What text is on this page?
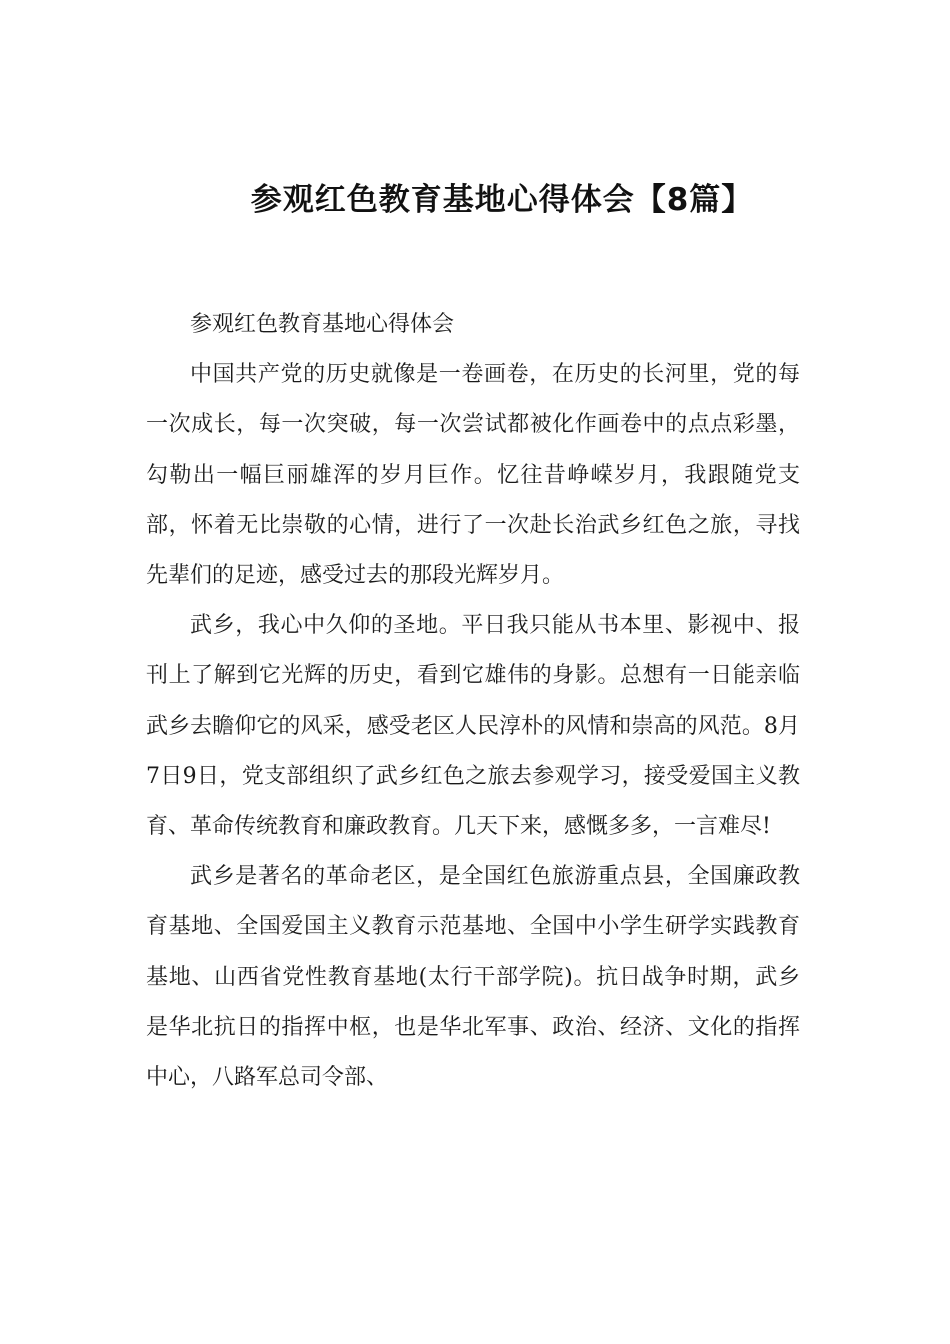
参观红色教育基地心得体会【8篇】

参观红色教育基地心得体会

中国共产党的历史就像是一卷画卷，在历史的长河里，党的每一次成长，每一次突破，每一次尝试都被化作画卷中的点点彩墨，勾勒出一幅巨丽雄浑的岁月巨作。忆往昔峥嵘岁月，我跟随党支部，怀着无比崇敬的心情，进行了一次赴长治武乡红色之旅，寻找先辈们的足迹，感受过去的那段光辉岁月。

武乡，我心中久仰的圣地。平日我只能从书本里、影视中、报刊上了解到它光辉的历史，看到它雄伟的身影。总想有一日能亲临武乡去瞻仰它的风采，感受老区人民淳朴的风情和崇高的风范。8月7日9日，党支部组织了武乡红色之旅去参观学习，接受爱国主义教育、革命传统教育和廉政教育。几天下来，感慨多多，一言难尽!

武乡是著名的革命老区，是全国红色旅游重点县，全国廉政教育基地、全国爱国主义教育示范基地、全国中小学生研学实践教育基地、山西省党性教育基地(太行干部学院)。抗日战争时期，武乡是华北抗日的指挥中枢，也是华北军事、政治、经济、文化的指挥中心，八路军总司令部、
